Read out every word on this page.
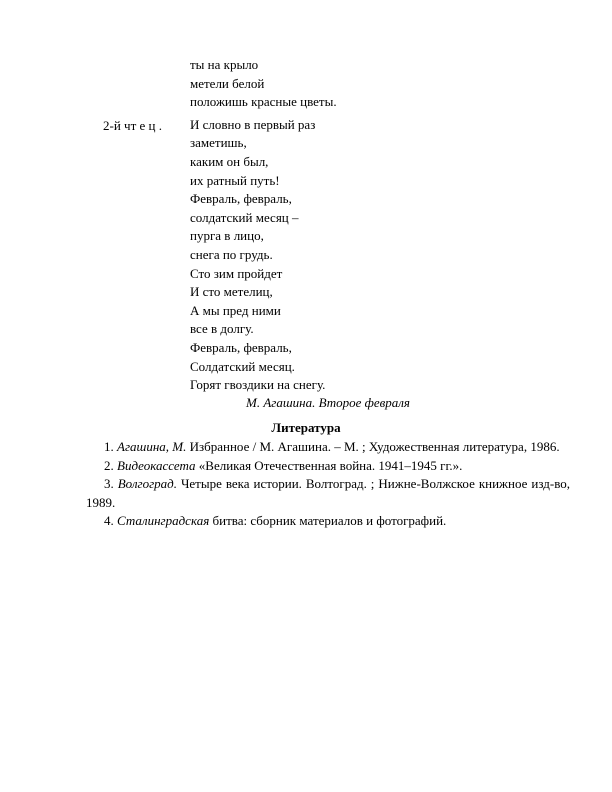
ты на крыло
метели белой
положишь красные цветы.
И словно в первый раз
заметишь,
каким он был,
их ратный путь!
Февраль, февраль,
солдатский месяц –
пурга в лицо,
снега по грудь.
Сто зим пройдет
И сто метелиц,
А мы пред ними
все в долгу.
Февраль, февраль,
Солдатский месяц.
Горят гвоздики на снегу.
2-й чт е ц .
М. Агашина. Второе февраля
Литература

1. Агашина, М. Избранное / М. Агашина. – М. ; Художественная литература, 1986.

2. Видеокассета «Великая Отечественная война. 1941–1945 гг.».

3. Волгоград. Четыре века истории. Волтоград. ; Нижне-Волжское книжное изд-во, 1989.

4. Сталинградская битва: сборник материалов и фотографий.
